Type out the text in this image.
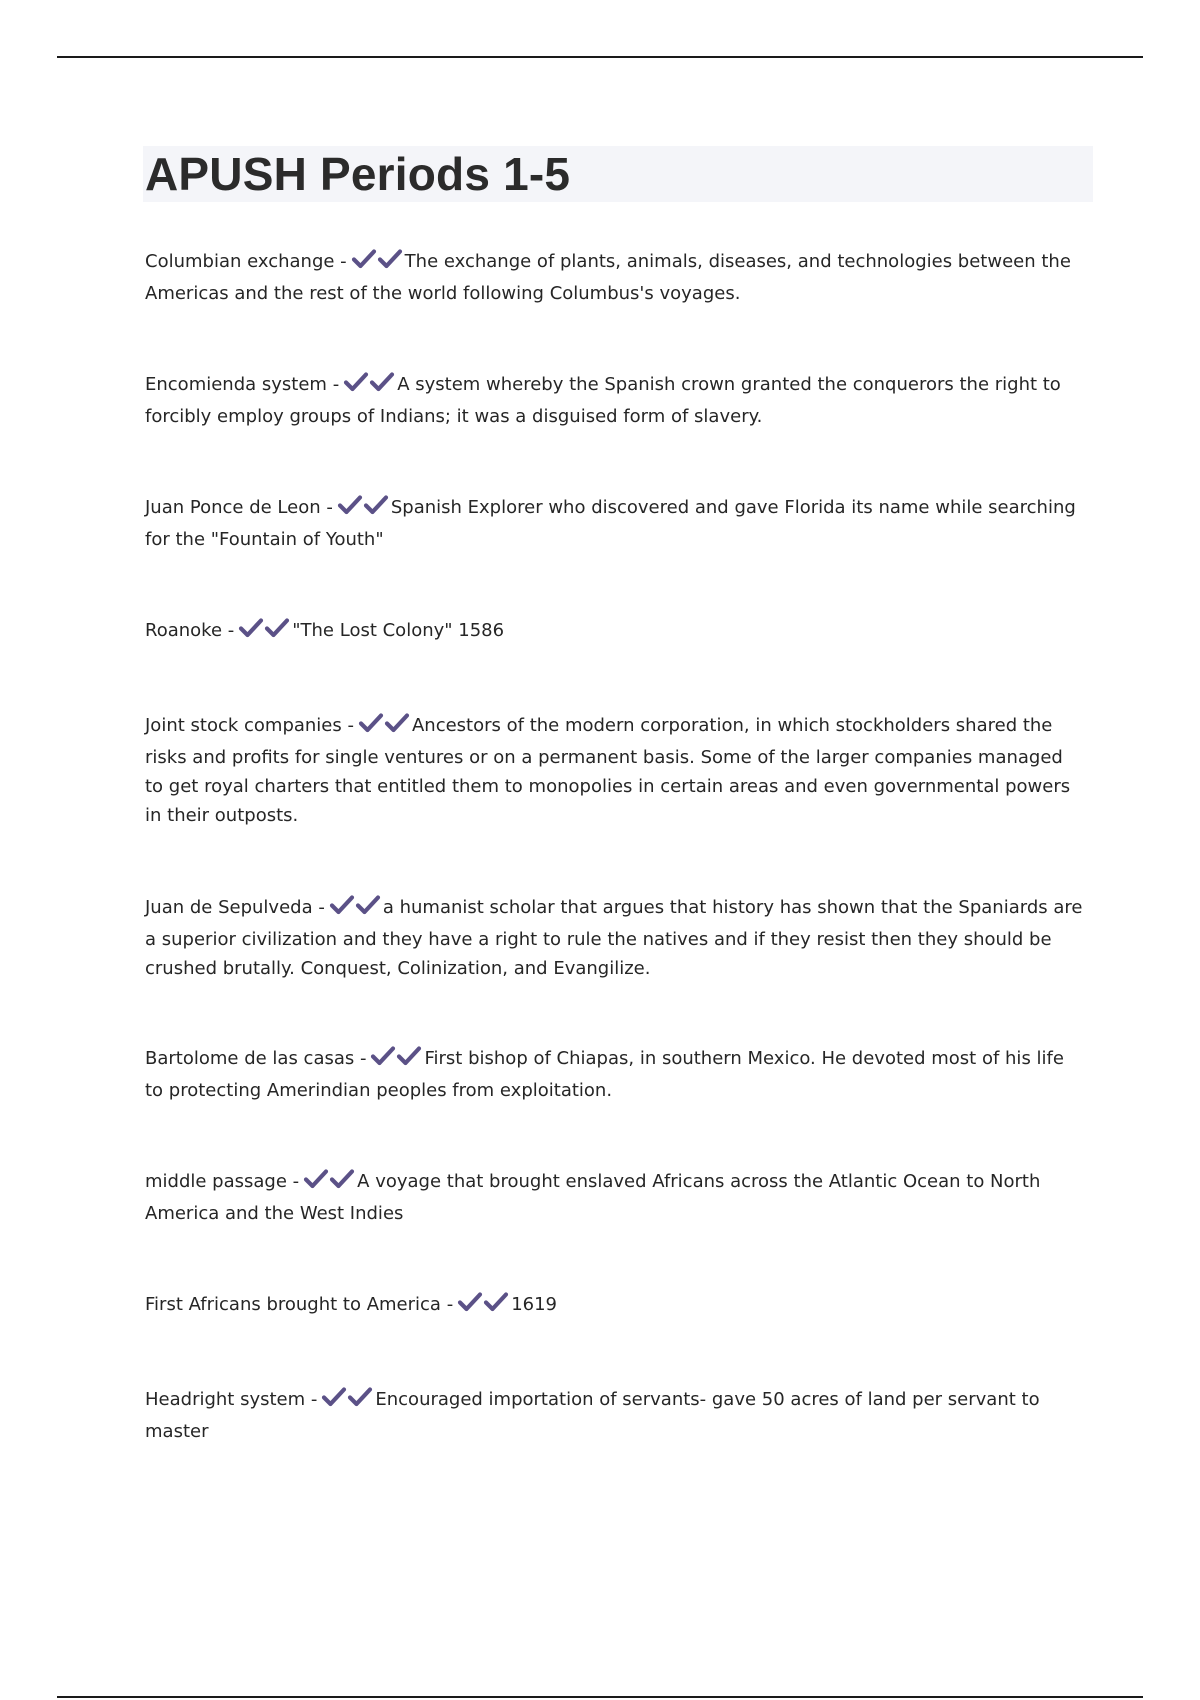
APUSH Periods 1-5
Columbian exchange -	The exchange of plants, animals, diseases, and technologies between the Americas and the rest of the world following Columbus's voyages.
Encomienda system -	A system whereby the Spanish crown granted the conquerors the right to forcibly employ groups of Indians; it was a disguised form of slavery.
Juan Ponce de Leon -	Spanish Explorer who discovered and gave Florida its name while searching for the "Fountain of Youth"
Roanoke -	"The Lost Colony" 1586
Joint stock companies -	Ancestors of the modern corporation, in which stockholders shared the risks and profits for single ventures or on a permanent basis. Some of the larger companies managed to get royal charters that entitled them to monopolies in certain areas and even governmental powers in their outposts.
Juan de Sepulveda -	a humanist scholar that argues that history has shown that the Spaniards are a superior civilization and they have a right to rule the natives and if they resist then they should be crushed brutally. Conquest, Colinization, and Evangilize.
Bartolome de las casas -	First bishop of Chiapas, in southern Mexico. He devoted most of his life to protecting Amerindian peoples from exploitation.
middle passage -	A voyage that brought enslaved Africans across the Atlantic Ocean to North America and the West Indies
First Africans brought to America -	1619
Headright system -	Encouraged importation of servants- gave 50 acres of land per servant to master
